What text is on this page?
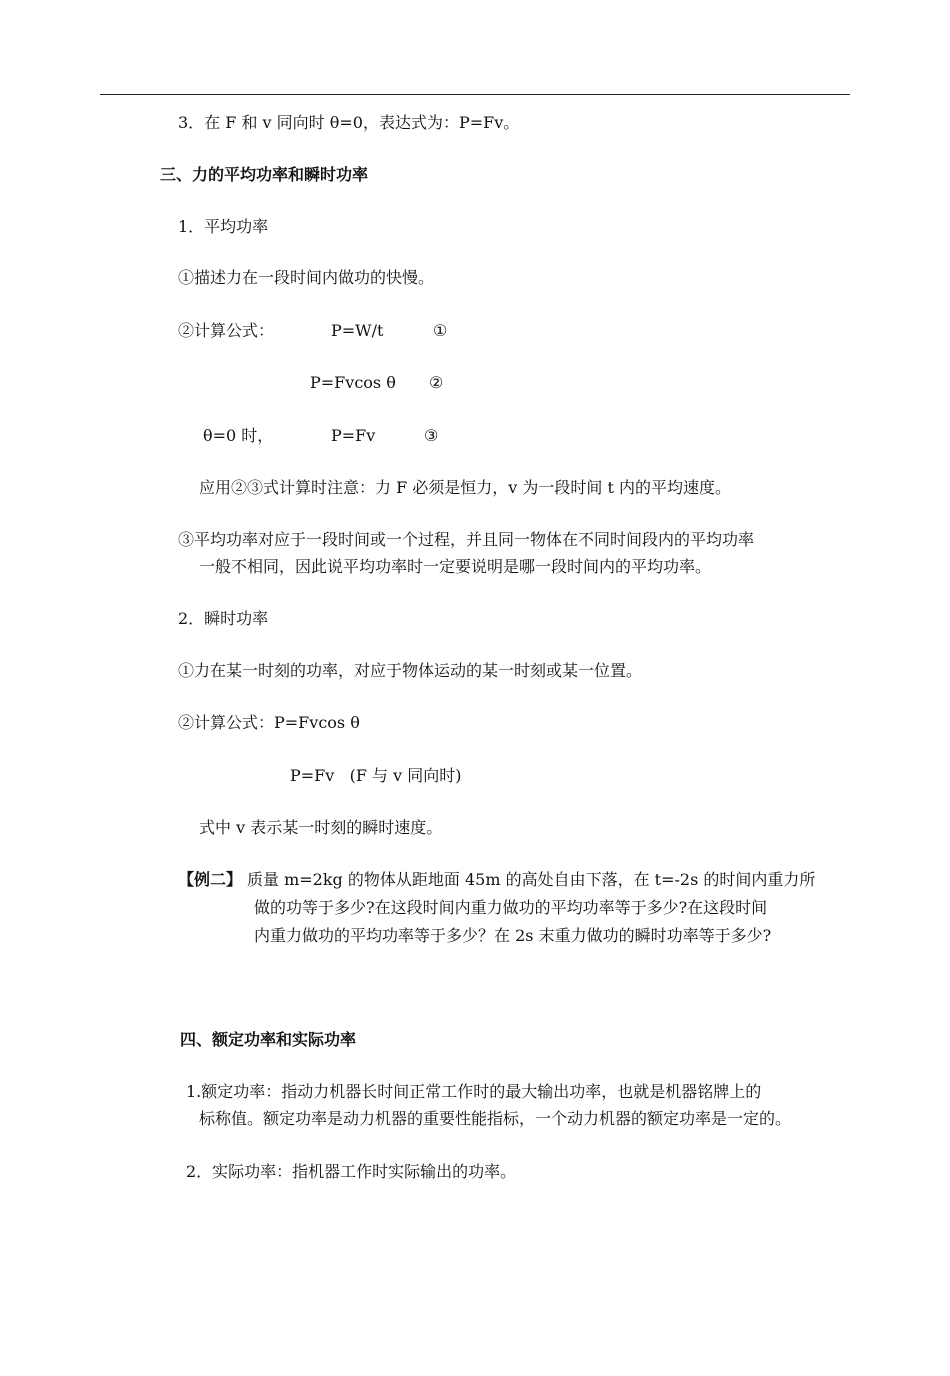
3．在 F 和 v 同向时 θ=0，表达式为：P=Fv。
三、力的平均功率和瞬时功率
1．平均功率
①描述力在一段时间内做功的快慢。
②计算公式：	P=W/t	①
P=Fvcos θ ②
θ=0 时，	P=Fv	③
应用②③式计算时注意：力 F 必须是恒力，v 为一段时间 t 内的平均速度。
③平均功率对应于一段时间或一个过程，并且同一物体在不同时间段内的平均功率
一般不相同，因此说平均功率时一定要说明是哪一段时间内的平均功率。
2．瞬时功率
①力在某一时刻的功率，对应于物体运动的某一时刻或某一位置。
②计算公式：P=Fvcos θ
P=Fv   (F 与 v 同向时)
式中 v 表示某一时刻的瞬时速度。
【例二】 质量 m=2kg 的物体从距地面 45m 的高处自由下落，在 t=-2s 的时间内重力所
做的功等于多少?在这段时间内重力做功的平均功率等于多少?在这段时间
内重力做功的平均功率等于多少？在 2s 末重力做功的瞬时功率等于多少?
四、额定功率和实际功率
1.额定功率：指动力机器长时间正常工作时的最大输出功率，也就是机器铭牌上的
标称值。额定功率是动力机器的重要性能指标，一个动力机器的额定功率是一定的。
2．实际功率：指机器工作时实际输出的功率。
